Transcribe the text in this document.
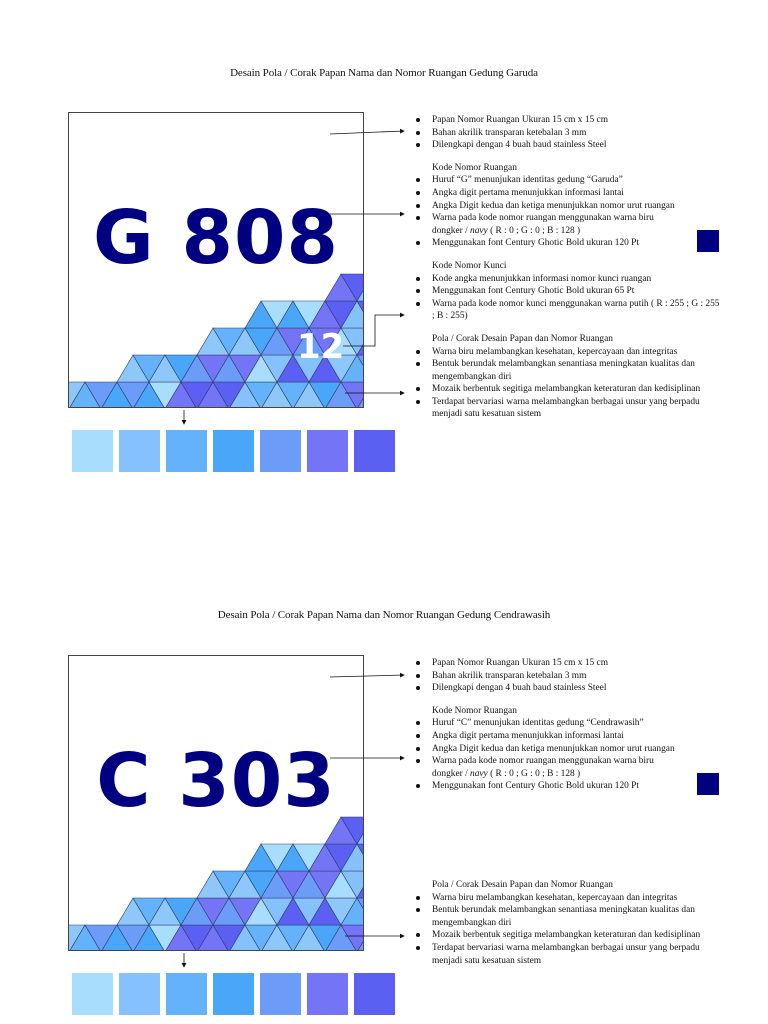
Desain Pola / Corak Papan Nama dan Nomor Ruangan Gedung Garuda
G 808
12
Papan Nomor Ruangan Ukuran 15 cm x 15 cm
Bahan akrilik transparan ketebalan 3 mm
Dilengkapi dengan 4 buah baud stainless Steel
Kode Nomor Ruangan
Huruf “G” menunjukan identitas gedung “Garuda”
Angka digit pertama menunjukkan informasi lantai
Angka Digit kedua dan ketiga menunjukkan nomor urut ruangan
Warna pada kode nomor ruangan menggunakan warna biru
dongker / navy ( R : 0 ; G : 0 ; B : 128 )
Menggunakan font Century Ghotic Bold ukuran 120 Pt
Kode Nomor Kunci
Kode angka menunjukkan informasi nomor kunci ruangan
Menggunakan font Century Ghotic Bold ukuran 65 Pt
Warna pada kode nomor kunci menggunakan warna putih ( R : 255 ; G : 255 ; B : 255)
Pola / Corak Desain Papan dan Nomor Ruangan
Warna biru melambangkan kesehatan, kepercayaan dan integritas
Bentuk berundak melambangkan senantiasa meningkatan kualitas dan mengembangkan diri
Mozaik berbentuk segitiga melambangkan keteraturan dan kedisiplinan
Terdapat bervariasi warna melambangkan berbagai unsur yang berpadu menjadi satu kesatuan sistem
Desain Pola / Corak Papan Nama dan Nomor Ruangan Gedung Cendrawasih
C 303
Papan Nomor Ruangan Ukuran 15 cm x 15 cm
Bahan akrilik transparan ketebalan 3 mm
Dilengkapi dengan 4 buah baud stainless Steel
Kode Nomor Ruangan
Huruf “C” menunjukan identitas gedung “Cendrawasih”
Angka digit pertama menunjukkan informasi lantai
Angka Digit kedua dan ketiga menunjukkan nomor urut ruangan
Warna pada kode nomor ruangan menggunakan warna biru
dongker / navy ( R : 0 ; G : 0 ; B : 128 )
Menggunakan font Century Ghotic Bold ukuran 120 Pt
Pola / Corak Desain Papan dan Nomor Ruangan
Warna biru melambangkan kesehatan, kepercayaan dan integritas
Bentuk berundak melambangkan senantiasa meningkatan kualitas dan mengembangkan diri
Mozaik berbentuk segitiga melambangkan keteraturan dan kedisiplinan
Terdapat bervariasi warna melambangkan berbagai unsur yang berpadu menjadi satu kesatuan sistem
